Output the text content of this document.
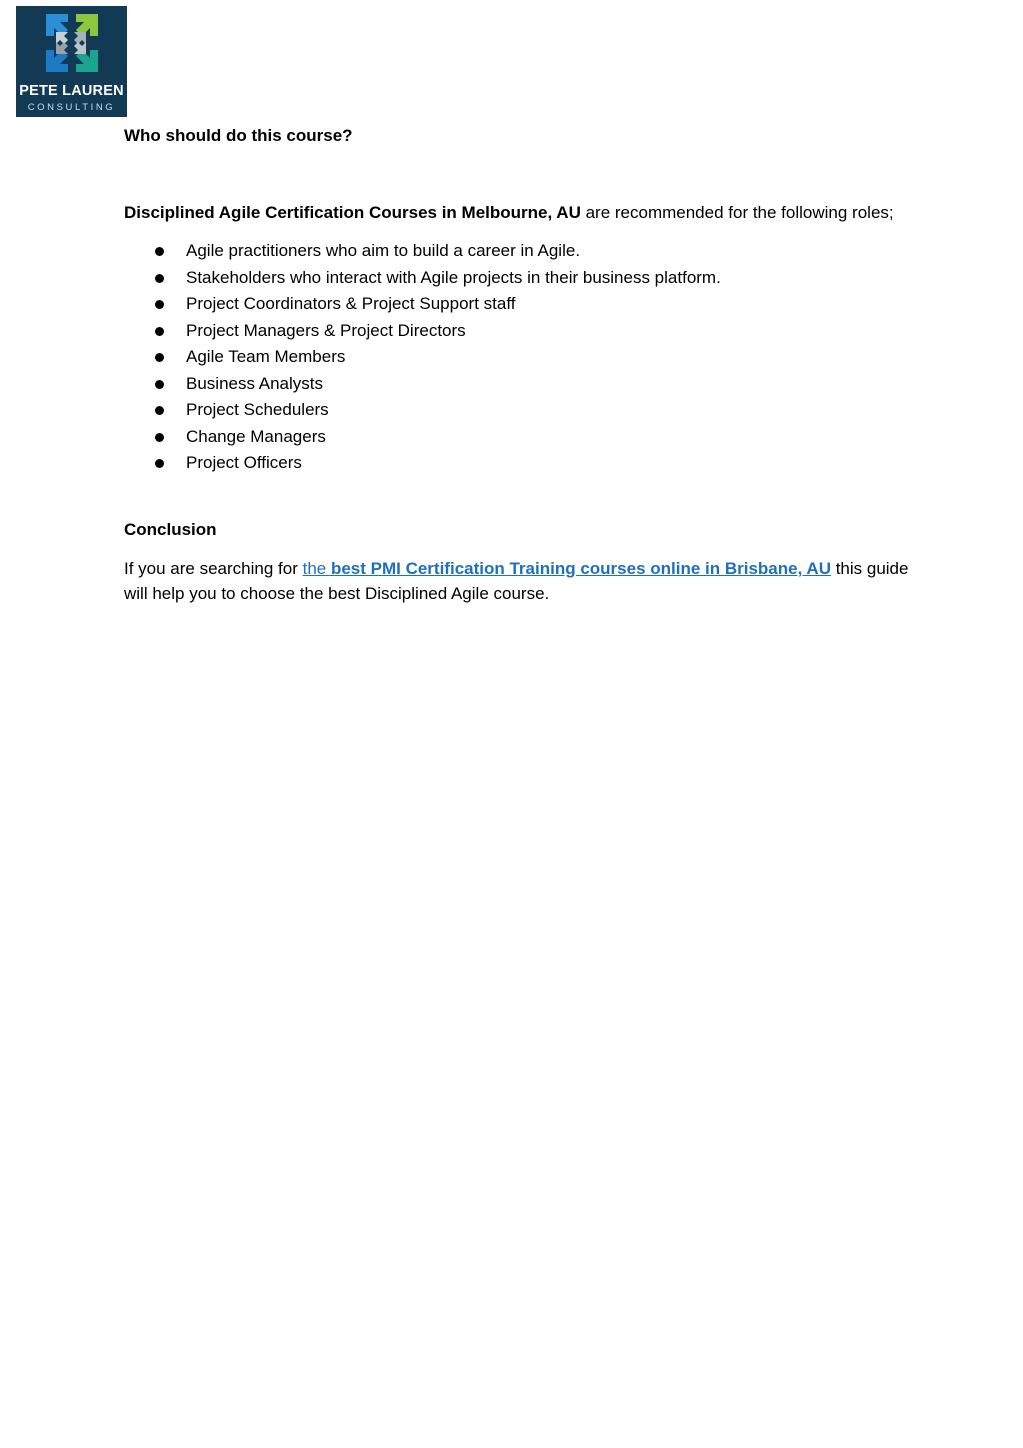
PETE LAUREN
CONSULTING
Who should do this course?
Disciplined Agile Certification Courses in Melbourne, AU are recommended for the following roles;
Agile practitioners who aim to build a career in Agile.
Stakeholders who interact with Agile projects in their business platform.
Project Coordinators & Project Support staff
Project Managers & Project Directors
Agile Team Members
Business Analysts
Project Schedulers
Change Managers
Project Officers
Conclusion
If you are searching for the best PMI Certification Training courses online in Brisbane, AU this guide will help you to choose the best Disciplined Agile course.
